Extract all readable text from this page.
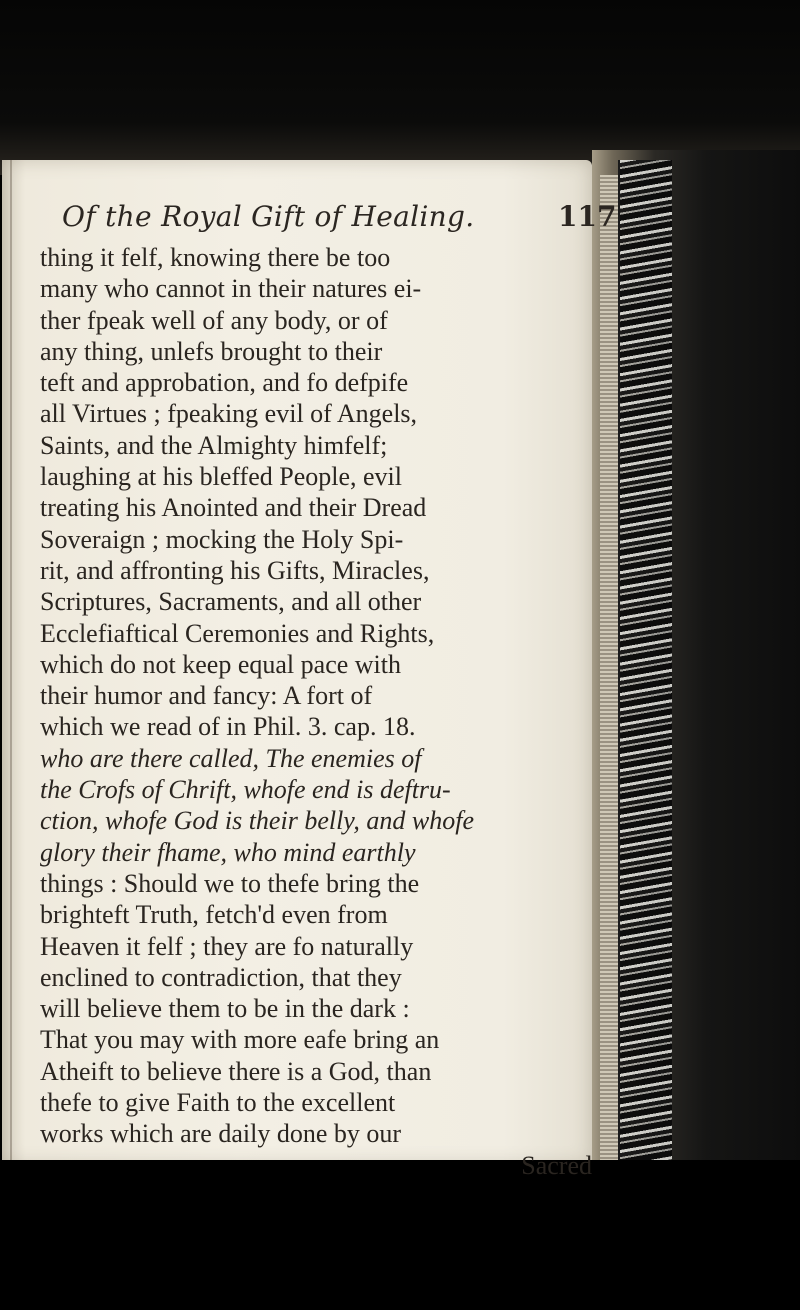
Of the Royal Gift of Healing.	117
thing it felf, knowing there be too
many who cannot in their natures ei-
ther fpeak well of any body, or of
any thing, unlefs brought to their
teft and approbation, and fo defpife
all Virtues ; fpeaking evil of Angels,
Saints, and the Almighty himfelf;
laughing at his bleffed People, evil
treating his Anointed and their Dread
Soveraign ; mocking the Holy Spi-
rit, and affronting his Gifts, Miracles,
Scriptures, Sacraments, and all other
Ecclefiaftical Ceremonies and Rights,
which do not keep equal pace with
their humor and fancy: A fort of
which we read of in Phil. 3. cap. 18.
who are there called, The enemies of
the Crofs of Chrift, whofe end is deftru-
ction, whofe God is their belly, and whofe
glory their fhame, who mind earthly
things : Should we to thefe bring the
brighteft Truth, fetch'd even from
Heaven it felf ; they are fo naturally
enclined to contradiction, that they
will believe them to be in the dark :
That you may with more eafe bring an
Atheift to believe there is a God, than
thefe to give Faith to the excellent
works which are daily done by our
Sacred
